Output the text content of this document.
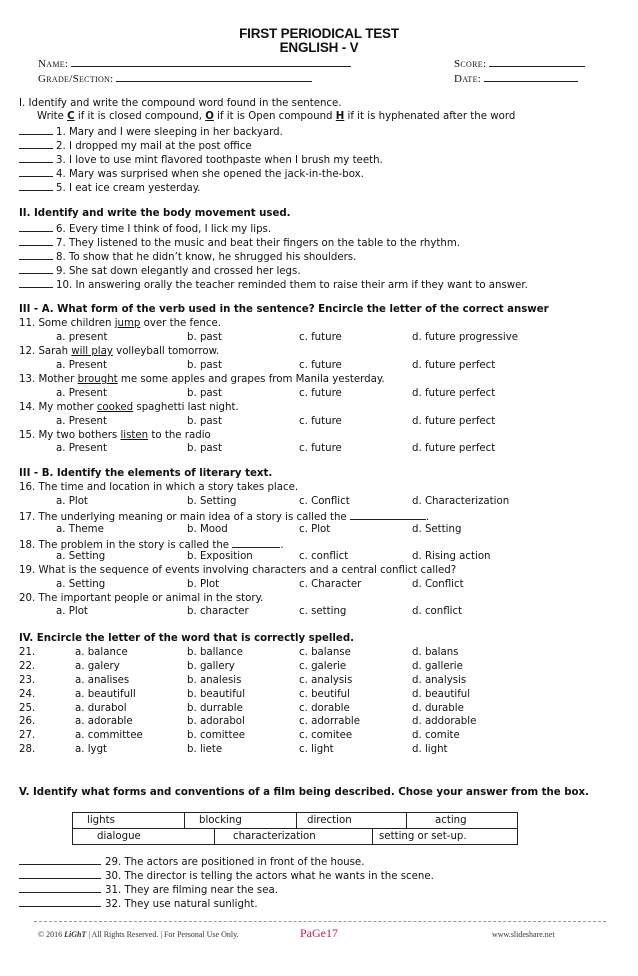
FIRST PERIODICAL TEST
ENGLISH - V
Name:	Score:
Grade/Section:	Date:
I. Identify and write the compound word found in the sentence.
Write C if it is closed compound, O if it is Open compound H if it is hyphenated after the word
1. Mary and I were sleeping in her backyard.
2. I dropped my mail at the post office
3. I love to use mint flavored toothpaste when I brush my teeth.
4. Mary was surprised when she opened the jack-in-the-box.
5. I eat ice cream yesterday.
II. Identify and write the body movement used.
6. Every time I think of food, I lick my lips.
7. They listened to the music and beat their fingers on the table to the rhythm.
8. To show that he didn’t know, he shrugged his shoulders.
9. She sat down elegantly and crossed her legs.
10. In answering orally the teacher reminded them to raise their arm if they want to answer.
III - A. What form of the verb used in the sentence? Encircle the letter of the correct answer
11. Some children jump over the fence.
a. present	b. past	c. future	d. future progressive
12. Sarah will play volleyball tomorrow.
a. Present	b. past	c. future	d. future perfect
13. Mother brought me some apples and grapes from Manila yesterday.
a. Present	b. past	c. future	d. future perfect
14. My mother cooked spaghetti last night.
a. Present	b. past	c. future	d. future perfect
15. My two bothers listen to the radio
a. Present	b. past	c. future	d. future perfect
III - B. Identify the elements of literary text.
16. The time and location in which a story takes place.
a. Plot	b. Setting	c. Conflict	d. Characterization
17. The underlying meaning or main idea of a story is called the	.
a. Theme	b. Mood	c. Plot	d. Setting
18. The problem in the story is called the	.
a. Setting	b. Exposition	c. conflict	d. Rising action
19. What is the sequence of events involving characters and a central conflict called?
a. Setting	b. Plot	c. Character	d. Conflict
20. The important people or animal in the story.
a. Plot	b. character	c. setting	d. conflict
IV. Encircle the letter of the word that is correctly spelled.
21.	a. balance	b. ballance	c. balanse	d. balans
22.	a. galery	b. gallery	c. galerie	d. gallerie
23.	a. analises	b. analesis	c. analysis	d. analysis
24.	a. beautifull	b. beautiful	c. beutiful	d. beautiful
25.	a. durabol	b. durrable	c. dorable	d. durable
26.	a. adorable	b. adorabol	c. adorrable	d. addorable
27.	a. committee	b. comittee	c. comitee	d. comite
28.	a. lygt	b. liete	c. light	d. light
V. Identify what forms and conventions of a film being described. Chose your answer from the box.
lights	blocking	direction	acting
dialogue	characterization	setting or set-up.
29. The actors are positioned in front of the house.
30. The director is telling the actors what he wants in the scene.
31. They are filming near the sea.
32. They use natural sunlight.
© 2016 LiGhT | All Rights Reserved. | For Personal Use Only.	PaGe17	www.slideshare.net
